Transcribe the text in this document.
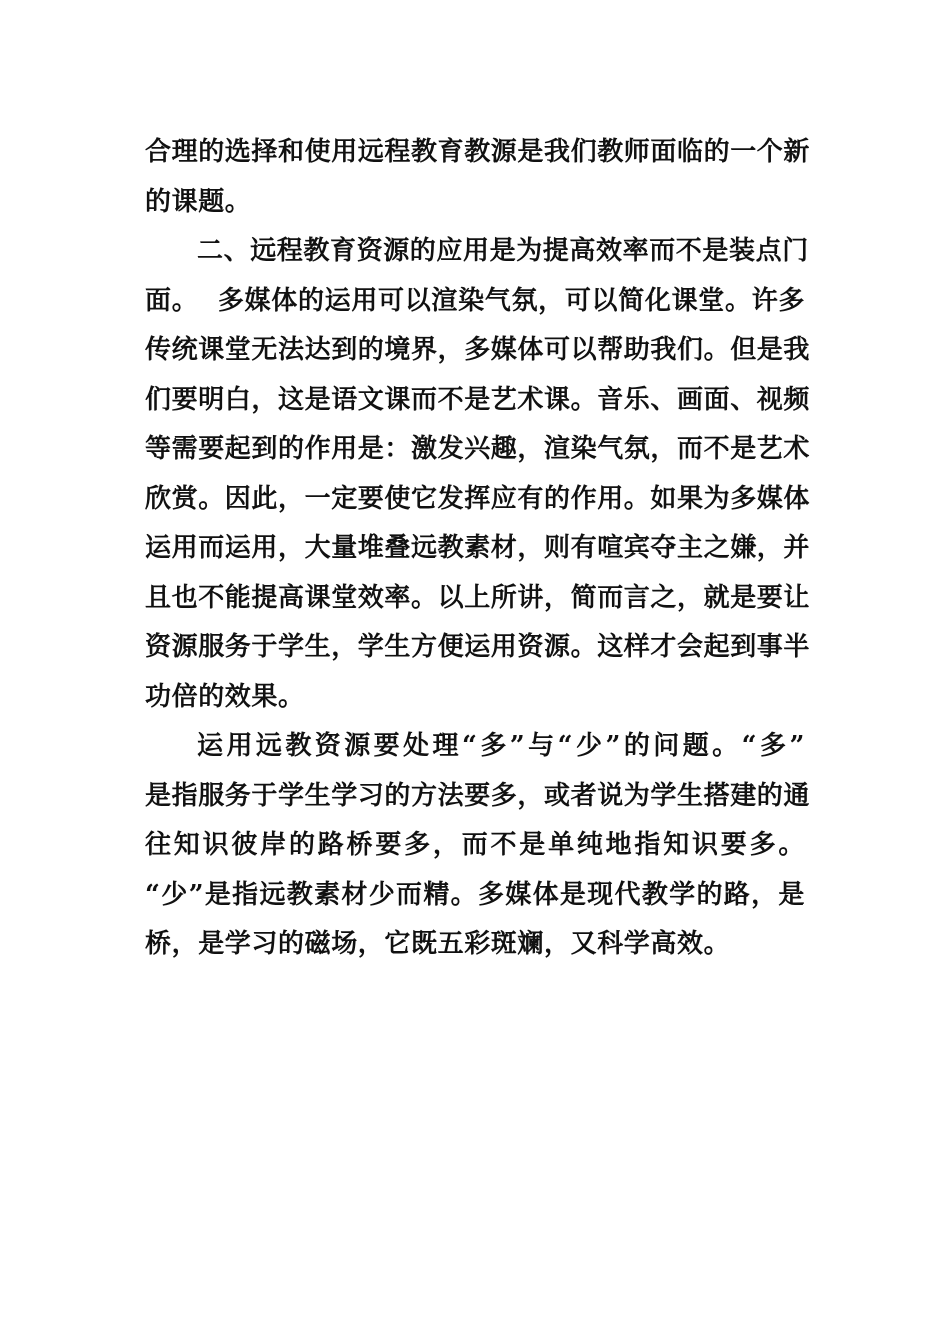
合理的选择和使用远程教育教源是我们教师面临的一个新
的课题。
二、远程教育资源的应用是为提高效率而不是装点门
面。  多媒体的运用可以渲染气氛，可以简化课堂。许多
传统课堂无法达到的境界，多媒体可以帮助我们。但是我
们要明白，这是语文课而不是艺术课。音乐、画面、视频
等需要起到的作用是：激发兴趣，渲染气氛，而不是艺术
欣赏。因此，一定要使它发挥应有的作用。如果为多媒体
运用而运用，大量堆叠远教素材，则有喧宾夺主之嫌，并
且也不能提高课堂效率。以上所讲，简而言之，就是要让
资源服务于学生，学生方便运用资源。这样才会起到事半
功倍的效果。
运用远教资源要处理“多”与“少”的问题。“多”
是指服务于学生学习的方法要多，或者说为学生搭建的通
往知识彼岸的路桥要多，而不是单纯地指知识要多。
“少”是指远教素材少而精。多媒体是现代教学的路，是
桥，是学习的磁场，它既五彩斑斓，又科学高效。
